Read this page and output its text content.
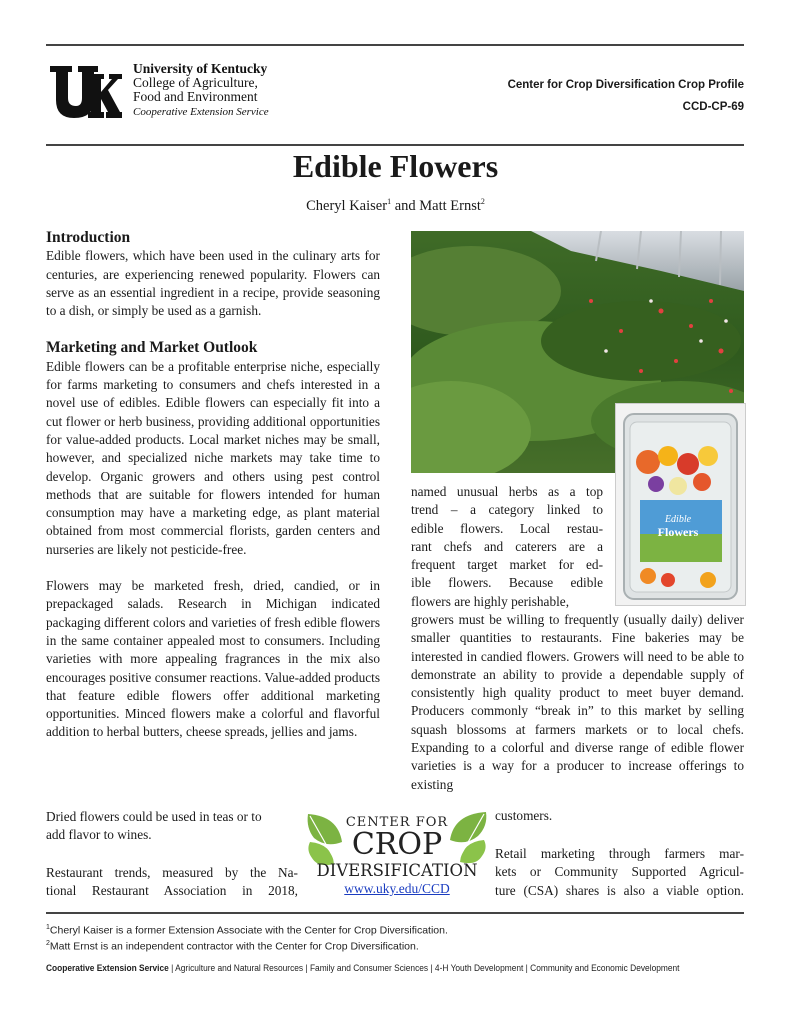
University of Kentucky
College of Agriculture,
Food and Environment
Cooperative Extension Service
Center for Crop Diversification Crop Profile
CCD-CP-69
Edible Flowers
Cheryl Kaiser$^1$ and Matt Ernst$^2$
Introduction
Edible flowers, which have been used in the culinary arts for centuries, are experiencing renewed popularity. Flowers can serve as an essential ingredient in a recipe, provide seasoning to a dish, or simply be used as a garnish.
Marketing and Market Outlook
Edible flowers can be a profitable enterprise niche, especially for farms marketing to consumers and chefs interested in a novel use of edibles. Edible flowers can especially fit into a cut flower or herb business, providing additional opportunities for value-added products. Local market niches may be small, however, and specialized niche markets may take time to develop. Organic growers and others using pest control methods that are suitable for flowers intended for human consumption may have a marketing edge, as plant material obtained from most commercial florists, garden centers and nurseries are likely not pesticide-free.
Flowers may be marketed fresh, dried, candied, or in prepackaged salads. Research in Michigan indicated packaging different colors and varieties of fresh edible flowers in the same container appealed most to consumers. Including varieties with more appealing fragrances in the mix also encourages positive consumer reactions. Value-added products that feature edible flowers offer additional marketing opportunities. Minced flowers make a colorful and flavorful addition to herbal butters, cheese spreads, jellies and jams.
Dried flowers could be used in teas or to
add flavor to wines.
Restaurant trends, measured by the Na-
tional Restaurant Association in 2018,
Edible
Flowers
named unusual herbs as a top
trend – a category linked to
edible flowers. Local restau-
rant chefs and caterers are a
frequent target market for ed-
ible flowers. Because edible
flowers are highly perishable,
growers must be willing to frequently (usually daily) deliver smaller quantities to restaurants. Fine bakeries may be interested in candied flowers. Growers will need to be able to demonstrate an ability to provide a dependable supply of consistently high quality product to meet buyer demand. Producers commonly “break in” to this market by selling squash blossoms at farmers markets or to local chefs. Expanding to a colorful and diverse range of edible flower varieties is a way for a producer to increase offerings to existing
customers.
Retail marketing through farmers mar-
kets or Community Supported Agricul-
ture (CSA) shares is also a viable option.
CENTER FOR
CROP
DIVERSIFICATION
www.uky.edu/CCD
$^1$Cheryl Kaiser is a former Extension Associate with the Center for Crop Diversification.
$^2$Matt Ernst is an independent contractor with the Center for Crop Diversification.
Cooperative Extension Service | Agriculture and Natural Resources | Family and Consumer Sciences | 4-H Youth Development | Community and Economic Development
